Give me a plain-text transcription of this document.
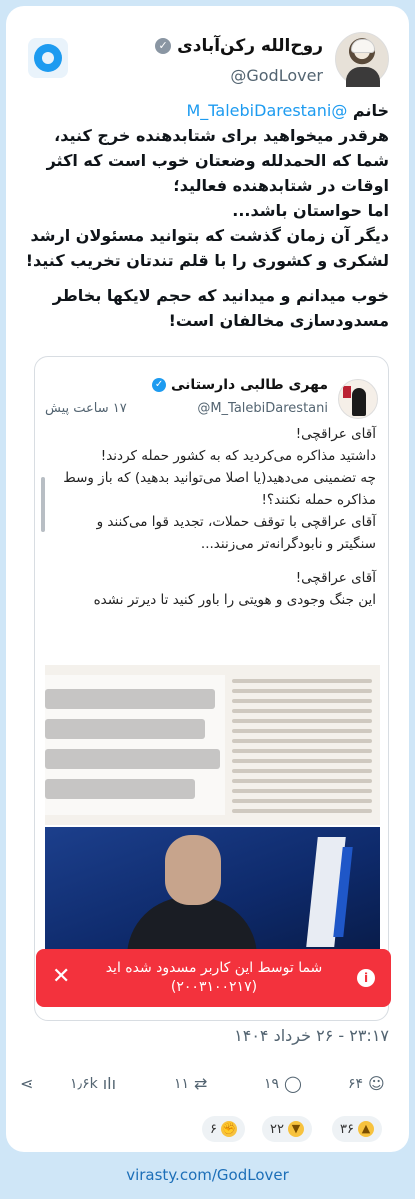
روح‌الله رکن‌آبادی
✓
@GodLover

خانم @M_TalebiDarestani
هرقدر میخواهید برای شتابدهنده خرج کنید، شما که الحمدلله وضعتان خوب است که اکثر اوقات در شتابدهنده فعالید؛
اما حواستان باشد...
دیگر آن زمان گذشت که بتوانید مسئولان ارشد لشکری و کشوری را با قلم تندتان تخریب کنید!

خوب میدانم و میدانید که حجم لایکها بخاطر مسدودسازی مخالفان است!

مهری طالبی دارستانی
✓
@M_TalebiDarestani
۱۷ ساعت پیش

آقای عراقچی!
داشتید مذاکره می‌کردید که به کشور حمله کردند!
چه تضمینی می‌دهید(یا اصلا می‌توانید بدهید) که باز وسط مذاکره حمله نکنند؟!
آقای عراقچی با توقف حملات، تجدید قوا می‌کنند و سنگیتر و نابودگرانه‌تر می‌زنند...

آقای عراقچی!
این جنگ وجودی و هویتی را باور کنید تا دیرتر نشده

i
شما توسط این کاربر مسدود شده اید
(۲۰۰۳۱۰۰۲۱۷)
✕
۲۳:۱۷ - ۲۶ خرداد ۱۴۰۴
⋖	۱٫۶k ılı	۱۱ ⇄	۱۹ ◯	۶۴ ☺
۶ ✊	۲۲ ▼	۳۶ ▲
virasty.com/GodLover
